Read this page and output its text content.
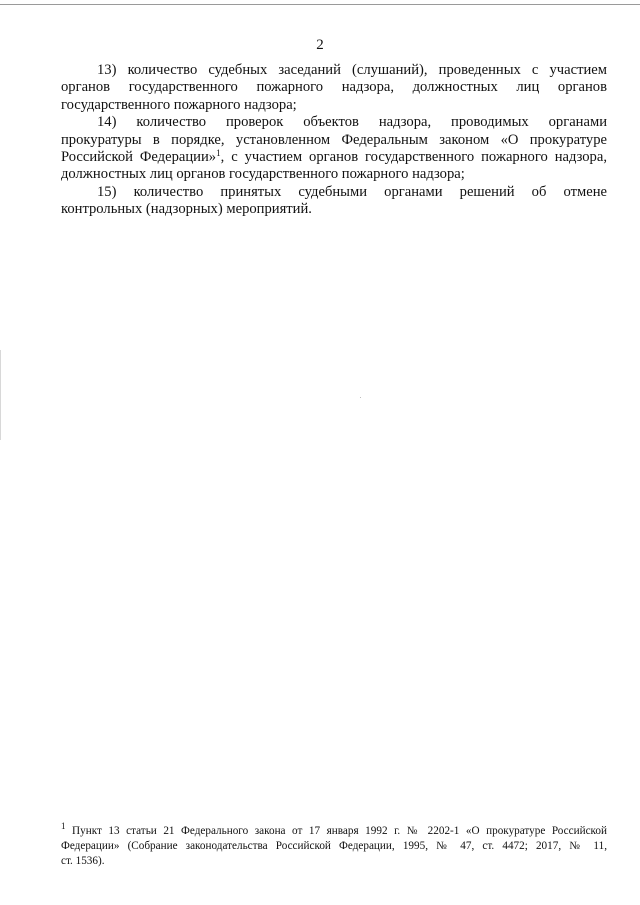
2

13) количество судебных заседаний (слушаний), проведенных с участием
органов государственного пожарного надзора, должностных лиц органов
государственного пожарного надзора;

14) количество проверок объектов надзора, проводимых органами
прокуратуры в порядке, установленном Федеральным законом «О прокуратуре
Российской Федерации»$^1$, с участием органов государственного пожарного надзора,
должностных лиц органов государственного пожарного надзора;

15) количество принятых судебными органами решений об отмене
контрольных (надзорных) мероприятий.

$^1$ Пункт 13 статьи 21 Федерального закона от 17 января 1992 г. № 2202-1 «О прокуратуре Российской
Федерации» (Собрание законодательства Российской Федерации, 1995, № 47, ст. 4472; 2017, № 11,
ст. 1536).
